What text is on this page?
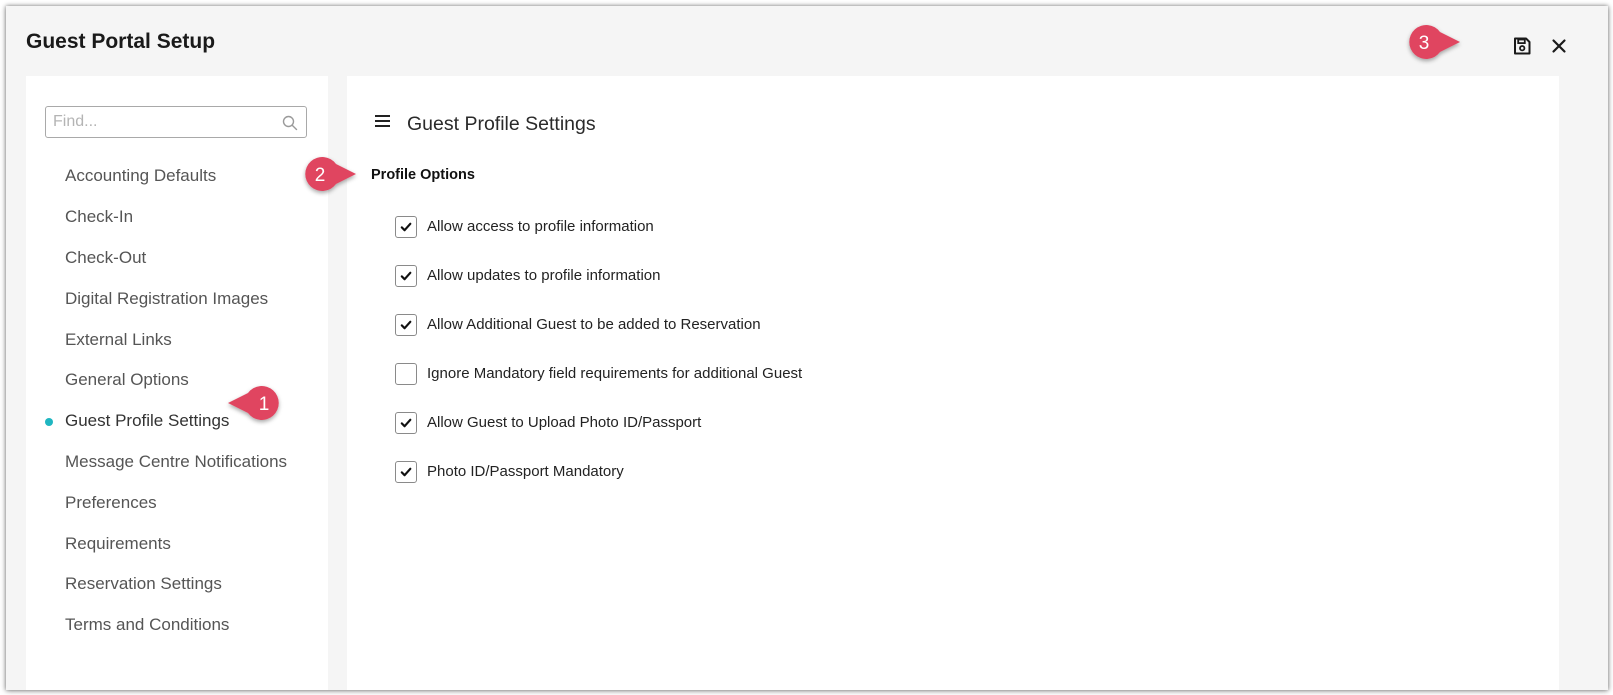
Guest Portal Setup
Find...
Accounting Defaults
Check-In
Check-Out
Digital Registration Images
External Links
General Options
Guest Profile Settings
Message Centre Notifications
Preferences
Requirements
Reservation Settings
Terms and Conditions
Guest Profile Settings
Profile Options
Allow access to profile information
Allow updates to profile information
Allow Additional Guest to be added to Reservation
Ignore Mandatory field requirements for additional Guest
Allow Guest to Upload Photo ID/Passport
Photo ID/Passport Mandatory
1
2
3
